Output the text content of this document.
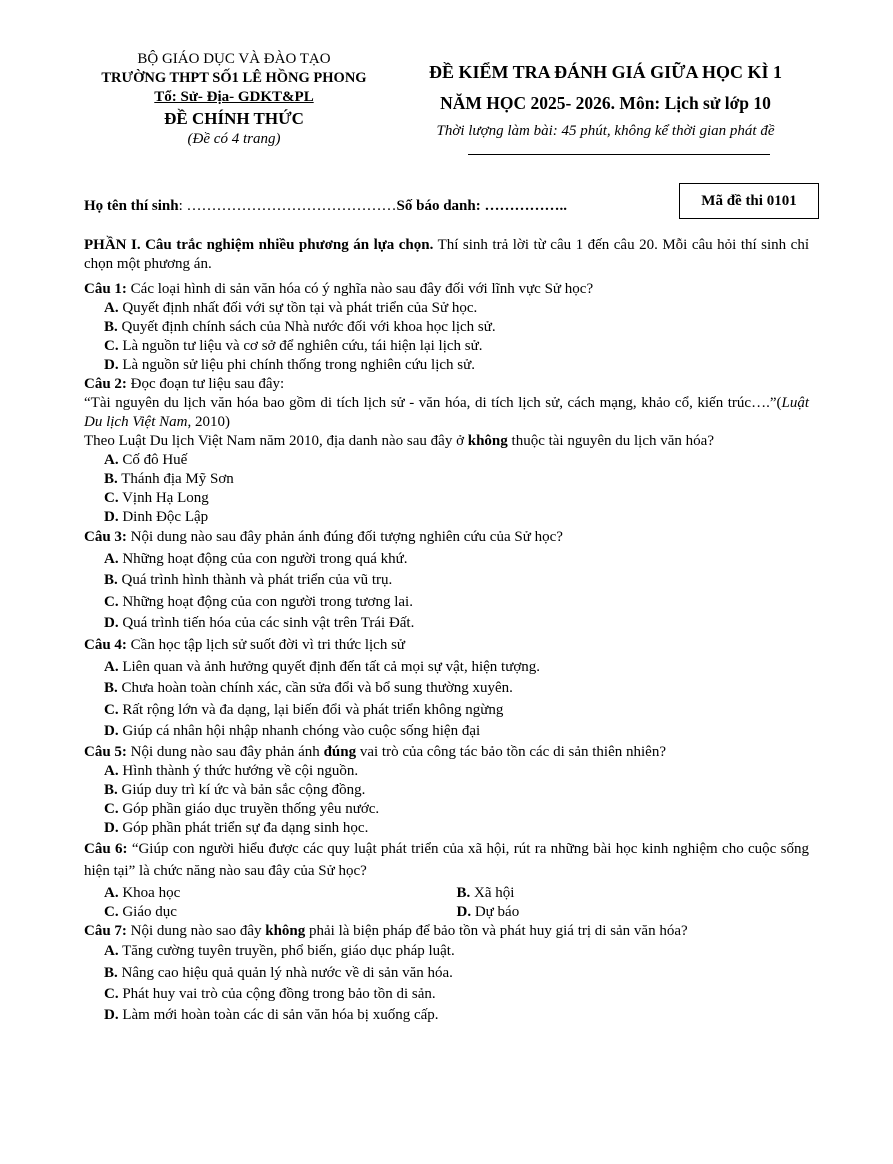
BỘ GIÁO DỤC VÀ ĐÀO TẠO
TRƯỜNG THPT SỐ1 LÊ HỒNG PHONG
Tổ: Sử- Địa- GDKT&PL
ĐỀ CHÍNH THỨC
(Đề có 4 trang)
ĐỀ KIỂM TRA ĐÁNH GIÁ GIỮA HỌC KÌ 1
NĂM HỌC 2025- 2026. Môn: Lịch sử lớp 10
Thời lượng làm bài: 45 phút, không kể thời gian phát đề
Họ tên thí sinh: ……………………………………Số báo danh: ……………..	Mã đề thi 0101

PHẦN I. Câu trắc nghiệm nhiều phương án lựa chọn. Thí sinh trả lời từ câu 1 đến câu 20. Mỗi câu hỏi thí sinh chỉ chọn một phương án.

Câu 1: Các loại hình di sản văn hóa có ý nghĩa nào sau đây đối với lĩnh vực Sử học?

A. Quyết định nhất đối với sự tồn tại và phát triển của Sử học.

B. Quyết định chính sách của Nhà nước đối với khoa học lịch sử.

C. Là nguồn tư liệu và cơ sở để nghiên cứu, tái hiện lại lịch sử.

D. Là nguồn sử liệu phi chính thống trong nghiên cứu lịch sử.

Câu 2: Đọc đoạn tư liệu sau đây:

“Tài nguyên du lịch văn hóa bao gồm di tích lịch sử - văn hóa, di tích lịch sử, cách mạng, khảo cổ, kiến trúc….”(Luật Du lịch Việt Nam, 2010)

Theo Luật Du lịch Việt Nam năm 2010, địa danh nào sau đây ở không thuộc tài nguyên du lịch văn hóa?

A. Cố đô Huế

B. Thánh địa Mỹ Sơn

C. Vịnh Hạ Long

D. Dinh Độc Lập

Câu 3: Nội dung nào sau đây phản ánh đúng đối tượng nghiên cứu của Sử học?

A. Những hoạt động của con người trong quá khứ.

B. Quá trình hình thành và phát triển của vũ trụ.

C. Những hoạt động của con người trong tương lai.

D. Quá trình tiến hóa của các sinh vật trên Trái Đất.

Câu 4: Cần học tập lịch sử suốt đời vì tri thức lịch sử

A. Liên quan và ảnh hưởng quyết định đến tất cả mọi sự vật, hiện tượng.

B. Chưa hoàn toàn chính xác, cần sửa đổi và bổ sung thường xuyên.

C. Rất rộng lớn và đa dạng, lại biến đổi và phát triển không ngừng

D. Giúp cá nhân hội nhập nhanh chóng vào cuộc sống hiện đại

Câu 5: Nội dung nào sau đây phản ánh đúng vai trò của công tác bảo tồn các di sản thiên nhiên?

A. Hình thành ý thức hướng về cội nguồn.

B. Giúp duy trì kí ức và bản sắc cộng đồng.

C. Góp phần giáo dục truyền thống yêu nước.

D. Góp phần phát triển sự đa dạng sinh học.

Câu 6: “Giúp con người hiểu được các quy luật phát triển của xã hội, rút ra những bài học kinh nghiệm cho cuộc sống hiện tại” là chức năng nào sau đây của Sử học?

A. Khoa học	B. Xã hội
C. Giáo dục	D. Dự báo

Câu 7: Nội dung nào sao đây không phải là biện pháp để bảo tồn và phát huy giá trị di sản văn hóa?

A. Tăng cường tuyên truyền, phổ biến, giáo dục pháp luật.

B. Nâng cao hiệu quả quản lý nhà nước về di sản văn hóa.

C. Phát huy vai trò của cộng đồng trong bảo tồn di sản.

D. Làm mới hoàn toàn các di sản văn hóa bị xuống cấp.
